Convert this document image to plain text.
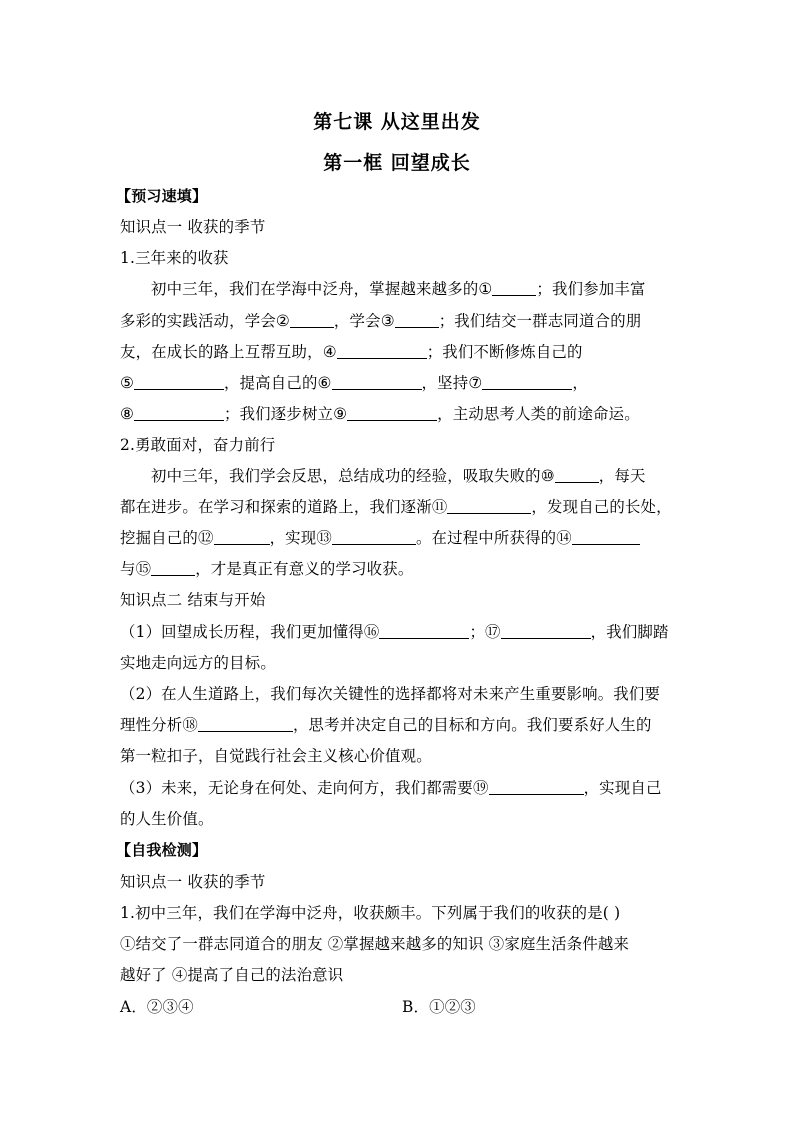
第七课 从这里出发
第一框 回望成长
【预习速填】
知识点一 收获的季节
1.三年来的收获
初中三年，我们在学海中泛舟，掌握越来越多的①	；我们参加丰富
多彩的实践活动，学会②	，学会③	；我们结交一群志同道合的朋
友，在成长的路上互帮互助，④	；我们不断修炼自己的
⑤	，提高自己的⑥	，坚持⑦	，
⑧	；我们逐步树立⑨	，主动思考人类的前途命运。
2.勇敢面对，奋力前行
初中三年，我们学会反思，总结成功的经验，吸取失败的⑩	，每天
都在进步。在学习和探索的道路上，我们逐渐⑪	，发现自己的长处，
挖掘自己的⑫	，实现⑬	。在过程中所获得的⑭
与⑮	，才是真正有意义的学习收获。
知识点二 结束与开始
（1）回望成长历程，我们更加懂得⑯	；⑰	，我们脚踏
实地走向远方的目标。
（2）在人生道路上，我们每次关键性的选择都将对未来产生重要影响。我们要
理性分析⑱	，思考并决定自己的目标和方向。我们要系好人生的
第一粒扣子，自觉践行社会主义核心价值观。
（3）未来，无论身在何处、走向何方，我们都需要⑲	，实现自己
的人生价值。
【自我检测】
知识点一 收获的季节
1.初中三年，我们在学海中泛舟，收获颇丰。下列属于我们的收获的是( )
①结交了一群志同道合的朋友 ②掌握越来越多的知识 ③家庭生活条件越来
越好了 ④提高了自己的法治意识
A．②③④	B．①②③
